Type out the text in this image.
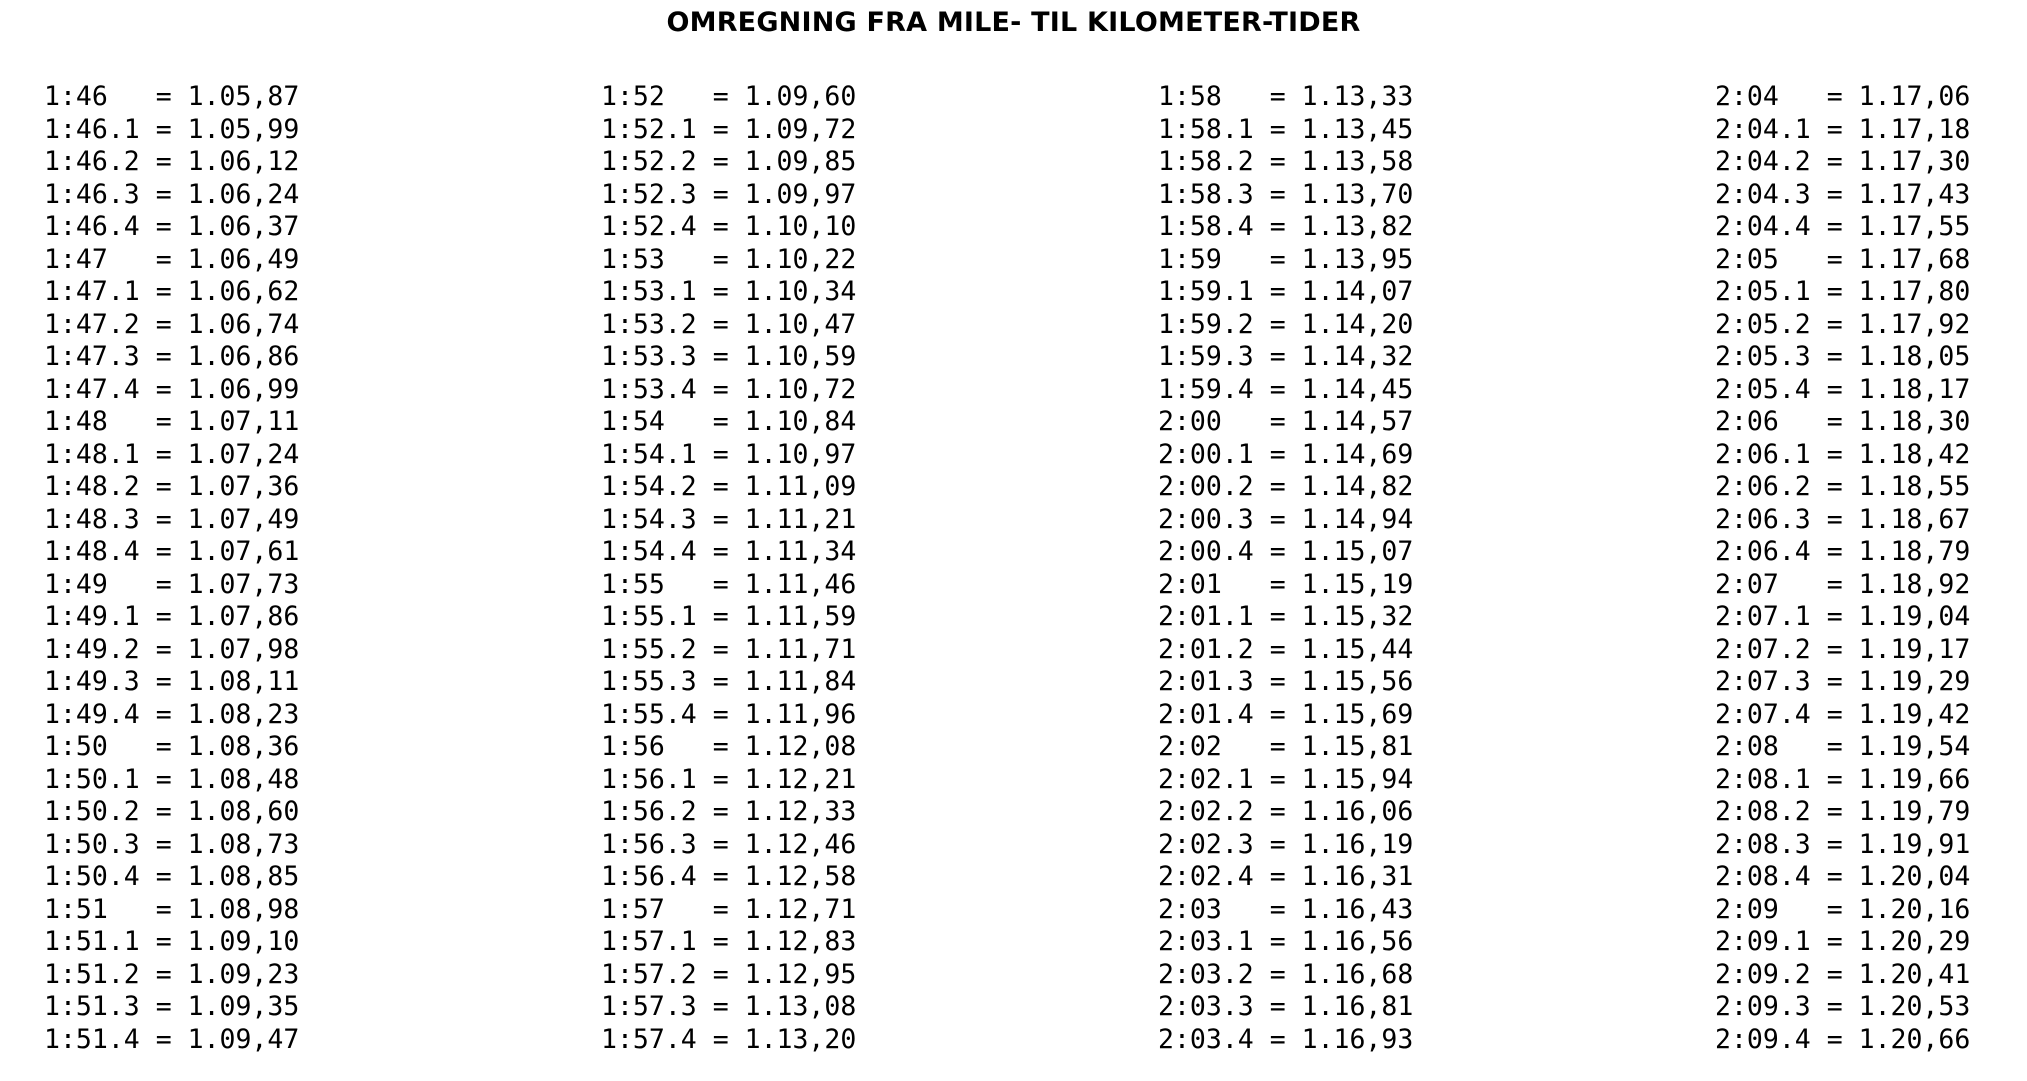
OMREGNING FRA MILE- TIL KILOMETER-TIDER
1:46   = 1.05,87
1:46.1 = 1.05,99
1:46.2 = 1.06,12
1:46.3 = 1.06,24
1:46.4 = 1.06,37
1:47   = 1.06,49
1:47.1 = 1.06,62
1:47.2 = 1.06,74
1:47.3 = 1.06,86
1:47.4 = 1.06,99
1:48   = 1.07,11
1:48.1 = 1.07,24
1:48.2 = 1.07,36
1:48.3 = 1.07,49
1:48.4 = 1.07,61
1:49   = 1.07,73
1:49.1 = 1.07,86
1:49.2 = 1.07,98
1:49.3 = 1.08,11
1:49.4 = 1.08,23
1:50   = 1.08,36
1:50.1 = 1.08,48
1:50.2 = 1.08,60
1:50.3 = 1.08,73
1:50.4 = 1.08,85
1:51   = 1.08,98
1:51.1 = 1.09,10
1:51.2 = 1.09,23
1:51.3 = 1.09,35
1:51.4 = 1.09,47
1:52   = 1.09,60
1:52.1 = 1.09,72
1:52.2 = 1.09,85
1:52.3 = 1.09,97
1:52.4 = 1.10,10
1:53   = 1.10,22
1:53.1 = 1.10,34
1:53.2 = 1.10,47
1:53.3 = 1.10,59
1:53.4 = 1.10,72
1:54   = 1.10,84
1:54.1 = 1.10,97
1:54.2 = 1.11,09
1:54.3 = 1.11,21
1:54.4 = 1.11,34
1:55   = 1.11,46
1:55.1 = 1.11,59
1:55.2 = 1.11,71
1:55.3 = 1.11,84
1:55.4 = 1.11,96
1:56   = 1.12,08
1:56.1 = 1.12,21
1:56.2 = 1.12,33
1:56.3 = 1.12,46
1:56.4 = 1.12,58
1:57   = 1.12,71
1:57.1 = 1.12,83
1:57.2 = 1.12,95
1:57.3 = 1.13,08
1:57.4 = 1.13,20
1:58   = 1.13,33
1:58.1 = 1.13,45
1:58.2 = 1.13,58
1:58.3 = 1.13,70
1:58.4 = 1.13,82
1:59   = 1.13,95
1:59.1 = 1.14,07
1:59.2 = 1.14,20
1:59.3 = 1.14,32
1:59.4 = 1.14,45
2:00   = 1.14,57
2:00.1 = 1.14,69
2:00.2 = 1.14,82
2:00.3 = 1.14,94
2:00.4 = 1.15,07
2:01   = 1.15,19
2:01.1 = 1.15,32
2:01.2 = 1.15,44
2:01.3 = 1.15,56
2:01.4 = 1.15,69
2:02   = 1.15,81
2:02.1 = 1.15,94
2:02.2 = 1.16,06
2:02.3 = 1.16,19
2:02.4 = 1.16,31
2:03   = 1.16,43
2:03.1 = 1.16,56
2:03.2 = 1.16,68
2:03.3 = 1.16,81
2:03.4 = 1.16,93
2:04   = 1.17,06
2:04.1 = 1.17,18
2:04.2 = 1.17,30
2:04.3 = 1.17,43
2:04.4 = 1.17,55
2:05   = 1.17,68
2:05.1 = 1.17,80
2:05.2 = 1.17,92
2:05.3 = 1.18,05
2:05.4 = 1.18,17
2:06   = 1.18,30
2:06.1 = 1.18,42
2:06.2 = 1.18,55
2:06.3 = 1.18,67
2:06.4 = 1.18,79
2:07   = 1.18,92
2:07.1 = 1.19,04
2:07.2 = 1.19,17
2:07.3 = 1.19,29
2:07.4 = 1.19,42
2:08   = 1.19,54
2:08.1 = 1.19,66
2:08.2 = 1.19,79
2:08.3 = 1.19,91
2:08.4 = 1.20,04
2:09   = 1.20,16
2:09.1 = 1.20,29
2:09.2 = 1.20,41
2:09.3 = 1.20,53
2:09.4 = 1.20,66
